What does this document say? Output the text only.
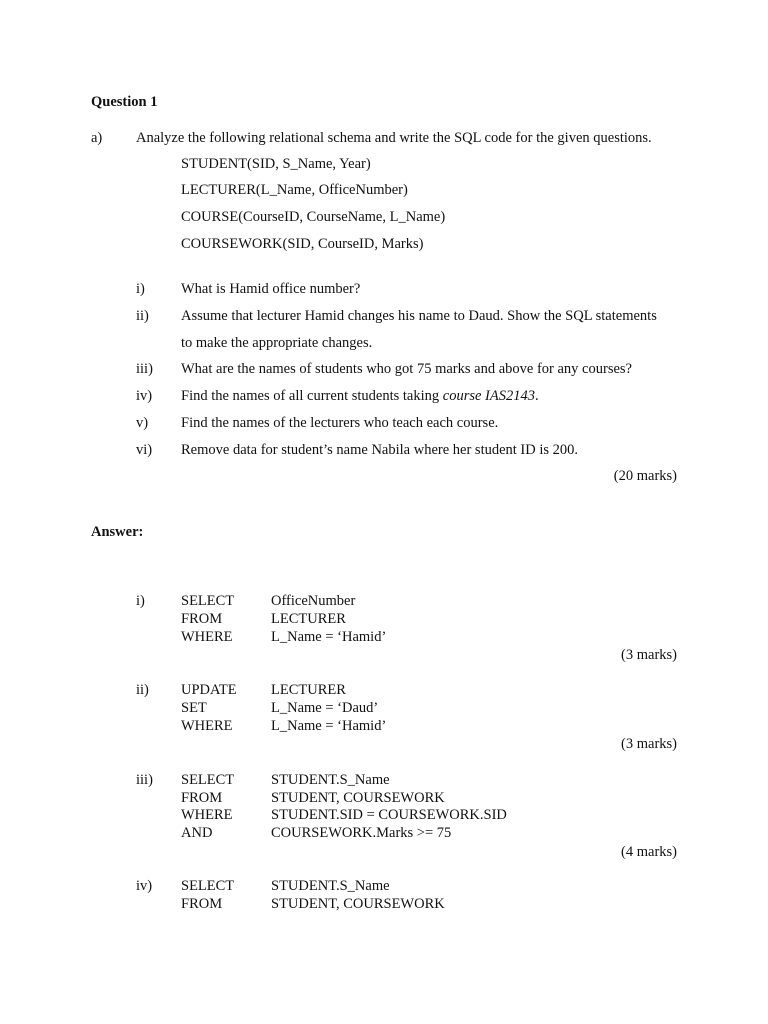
Question 1
a) Analyze the following relational schema and write the SQL code for the given questions.
STUDENT(SID, S_Name, Year)
LECTURER(L_Name, OfficeNumber)
COURSE(CourseID, CourseName, L_Name)
COURSEWORK(SID, CourseID, Marks)
i) What is Hamid office number?
ii) Assume that lecturer Hamid changes his name to Daud. Show the SQL statements
to make the appropriate changes.
iii) What are the names of students who got 75 marks and above for any courses?
iv) Find the names of all current students taking course IAS2143.
v) Find the names of the lecturers who teach each course.
vi) Remove data for student’s name Nabila where her student ID is 200.
(20 marks)
Answer:
i) SELECT	OfficeNumber
FROM	LECTURER
WHERE	L_Name = ‘Hamid’
(3 marks)
ii) UPDATE LECTURER
SET	L_Name = ‘Daud’
WHERE	L_Name = ‘Hamid’
(3 marks)
iii) SELECT	STUDENT.S_Name
FROM	STUDENT, COURSEWORK
WHERE	STUDENT.SID = COURSEWORK.SID
AND	COURSEWORK.Marks >= 75
(4 marks)
iv) SELECT	STUDENT.S_Name
FROM	STUDENT, COURSEWORK
